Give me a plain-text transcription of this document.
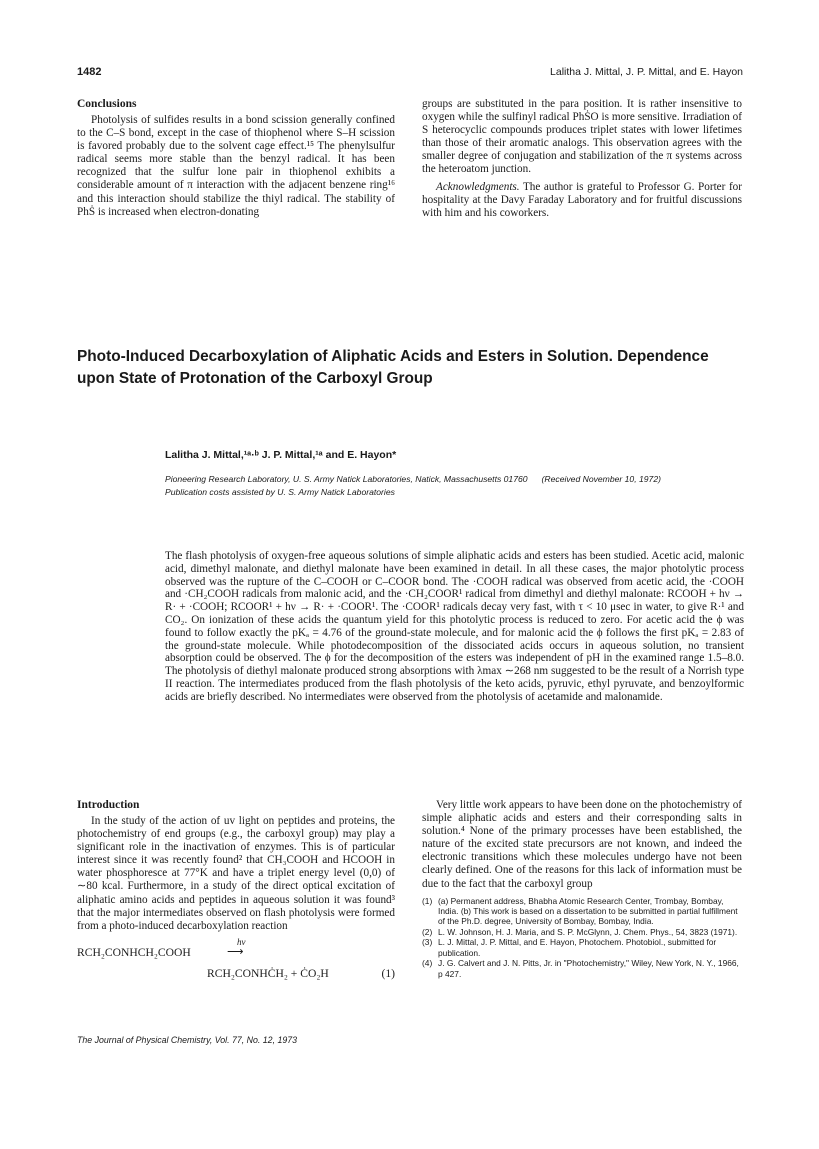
1482	Lalitha J. Mittal, J. P. Mittal, and E. Hayon
Conclusions

Photolysis of sulfides results in a bond scission generally confined to the C–S bond, except in the case of thiophenol where S–H scission is favored probably due to the solvent cage effect.¹⁵ The phenylsulfur radical seems more stable than the benzyl radical. It has been recognized that the sulfur lone pair in thiophenol exhibits a considerable amount of π interaction with the adjacent benzene ring¹⁶ and this interaction should stabilize the thiyl radical. The stability of PhṠ is increased when electron-donating

groups are substituted in the para position. It is rather insensitive to oxygen while the sulfinyl radical PhṠO is more sensitive. Irradiation of S heterocyclic compounds produces triplet states with lower lifetimes than those of their aromatic analogs. This observation agrees with the smaller degree of conjugation and stabilization of the π systems across the heteroatom junction.

Acknowledgments. The author is grateful to Professor G. Porter for hospitality at the Davy Faraday Laboratory and for fruitful discussions with him and his coworkers.

Photo-Induced Decarboxylation of Aliphatic Acids and Esters in Solution. Dependence upon State of Protonation of the Carboxyl Group
Lalitha J. Mittal,¹ᵃ·ᵇ J. P. Mittal,¹ᵃ and E. Hayon*
Pioneering Research Laboratory, U. S. Army Natick Laboratories, Natick, Massachusetts 01760 (Received November 10, 1972)
Publication costs assisted by U. S. Army Natick Laboratories

The flash photolysis of oxygen-free aqueous solutions of simple aliphatic acids and esters has been studied. Acetic acid, malonic acid, dimethyl malonate, and diethyl malonate have been examined in detail. In all these cases, the major photolytic process observed was the rupture of the C–COOH or C–COOR bond. The ·COOH radical was observed from acetic acid, the ·COOH and ·CH₂COOH radicals from malonic acid, and the ·CH₂COOR¹ radical from dimethyl and diethyl malonate: RCOOH + hν → R· + ·COOH; RCOOR¹ + hν → R· + ·COOR¹. The ·COOR¹ radicals decay very fast, with τ < 10 μsec in water, to give R·¹ and CO₂. On ionization of these acids the quantum yield for this photolytic process is reduced to zero. For acetic acid the ϕ was found to follow exactly the pKₐ = 4.76 of the ground-state molecule, and for malonic acid the ϕ follows the first pKₐ = 2.83 of the ground-state molecule. While photodecomposition of the dissociated acids occurs in aqueous solution, no transient absorption could be observed. The ϕ for the decomposition of the esters was independent of pH in the examined range 1.5–8.0. The photolysis of diethyl malonate produced strong absorptions with λmax ∼268 nm suggested to be the result of a Norrish type II reaction. The intermediates produced from the flash photolysis of the keto acids, pyruvic, ethyl pyruvate, and benzoylformic acids are briefly described. No intermediates were observed from the photolysis of acetamide and malonamide.

Introduction

In the study of the action of uv light on peptides and proteins, the photochemistry of end groups (e.g., the carboxyl group) may play a significant role in the inactivation of enzymes. This is of particular interest since it was recently found² that CH₃COOH and HCOOH in water phosphoresce at 77°K and have a triplet energy level (0,0) of ∼80 kcal. Furthermore, in a study of the direct optical excitation of aliphatic amino acids and peptides in aqueous solution it was found³ that the major intermediates observed on flash photolysis were formed from a photo-induced decarboxylation reaction

RCH₂CONHCH₂COOH
hν
⟶
RCH₂CONHĊH₂ + ĊO₂H	(1)

Very little work appears to have been done on the photochemistry of simple aliphatic acids and esters and their corresponding salts in solution.⁴ None of the primary processes have been established, the nature of the excited state precursors are not known, and indeed the electronic transitions which these molecules undergo have not been clearly defined. One of the reasons for this lack of information must be due to the fact that the carboxyl group

(1) (a) Permanent address, Bhabha Atomic Research Center, Trombay, Bombay, India. (b) This work is based on a dissertation to be submitted in partial fulfillment of the Ph.D. degree, University of Bombay, Bombay, India.
(2) L. W. Johnson, H. J. Maria, and S. P. McGlynn, J. Chem. Phys., 54, 3823 (1971).
(3) L. J. Mittal, J. P. Mittal, and E. Hayon, Photochem. Photobiol., submitted for publication.
(4) J. G. Calvert and J. N. Pitts, Jr. in "Photochemistry," Wiley, New York, N. Y., 1966, p 427.
The Journal of Physical Chemistry, Vol. 77, No. 12, 1973
